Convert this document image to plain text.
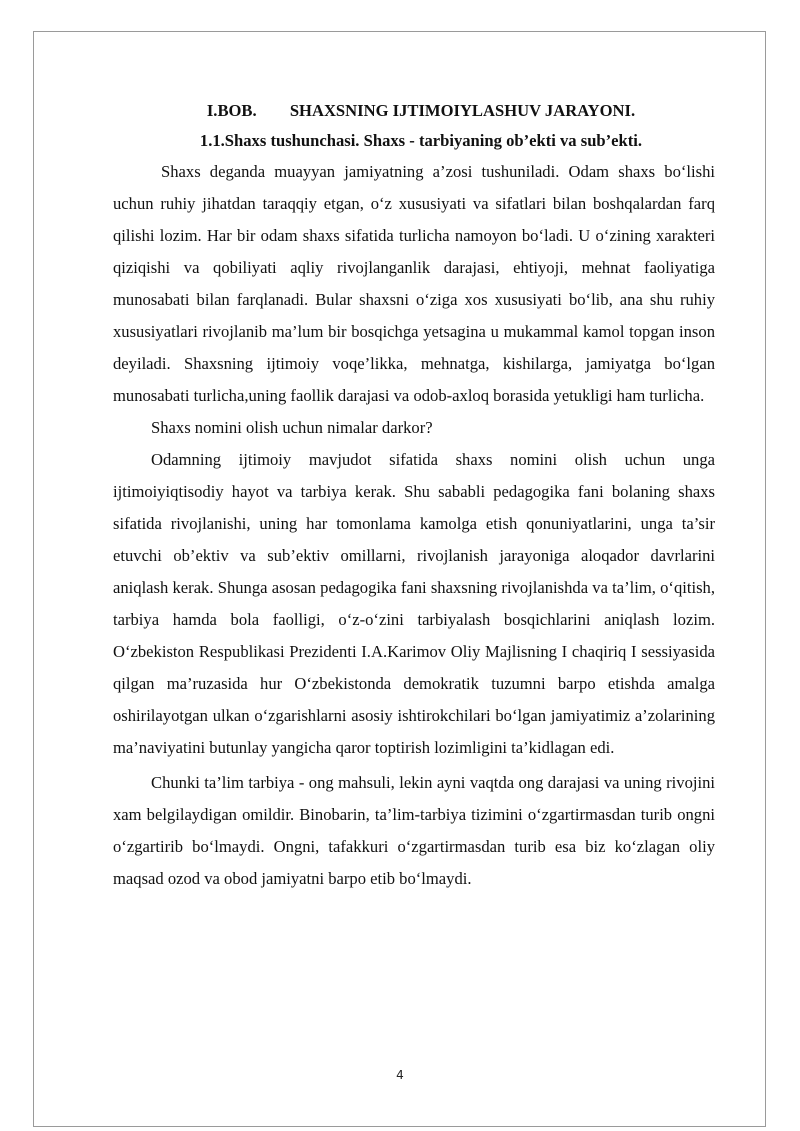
I.BOB.        SHAXSNING IJTIMOIYLASHUV JARAYONI.
1.1.Shaxs tushunchasi. Shaxs - tarbiyaning ob’ekti va sub’ekti.

Shaxs deganda muayyan jamiyatning a’zosi tushuniladi. Odam shaxs bo‘lishi uchun ruhiy jihatdan taraqqiy etgan, o‘z xususiyati va sifatlari bilan boshqalardan farq qilishi lozim. Har bir odam shaxs sifatida turlicha namoyon bo‘ladi. U o‘zining xarakteri qiziqishi va qobiliyati aqliy rivojlanganlik darajasi, ehtiyoji, mehnat faoliyatiga munosabati bilan farqlanadi. Bular shaxsni o‘ziga xos xususiyati bo‘lib, ana shu ruhiy xususiyatlari rivojlanib ma’lum bir bosqichga yetsagina u mukammal kamol topgan inson deyiladi. Shaxsning ijtimoiy voqe’likka, mehnatga, kishilarga, jamiyatga bo‘lgan munosabati turlicha,uning faollik darajasi va odob-axloq borasida yetukligi ham turlicha.

Shaxs nomini olish uchun nimalar darkor?

Odamning ijtimoiy mavjudot sifatida shaxs nomini olish uchun unga ijtimoiyiqtisodiy hayot va tarbiya kerak. Shu sababli pedagogika fani bolaning shaxs sifatida rivojlanishi, uning har tomonlama kamolga etish qonuniyatlarini, unga ta’sir etuvchi ob’ektiv va sub’ektiv omillarni, rivojlanish jarayoniga aloqador davrlarini aniqlash kerak. Shunga asosan pedagogika fani shaxsning rivojlanishda va ta’lim, o‘qitish, tarbiya hamda bola faolligi, o‘z-o‘zini tarbiyalash bosqichlarini aniqlash lozim. O‘zbekiston Respublikasi Prezidenti I.A.Karimov Oliy Majlisning I chaqiriq I sessiyasida qilgan ma’ruzasida hur O‘zbekistonda demokratik tuzumni barpo etishda amalga oshirilayotgan ulkan o‘zgarishlarni asosiy ishtirokchilari bo‘lgan jamiyatimiz a’zolarining ma’naviyatini butunlay yangicha qaror toptirish lozimligini ta’kidlagan edi.

Chunki ta’lim tarbiya - ong mahsuli, lekin ayni vaqtda ong darajasi va uning rivojini xam belgilaydigan omildir. Binobarin, ta’lim-tarbiya tizimini o‘zgartirmasdan turib ongni o‘zgartirib bo‘lmaydi. Ongni, tafakkuri o‘zgartirmasdan turib esa biz ko‘zlagan oliy maqsad ozod va obod jamiyatni barpo etib bo‘lmaydi.

4
